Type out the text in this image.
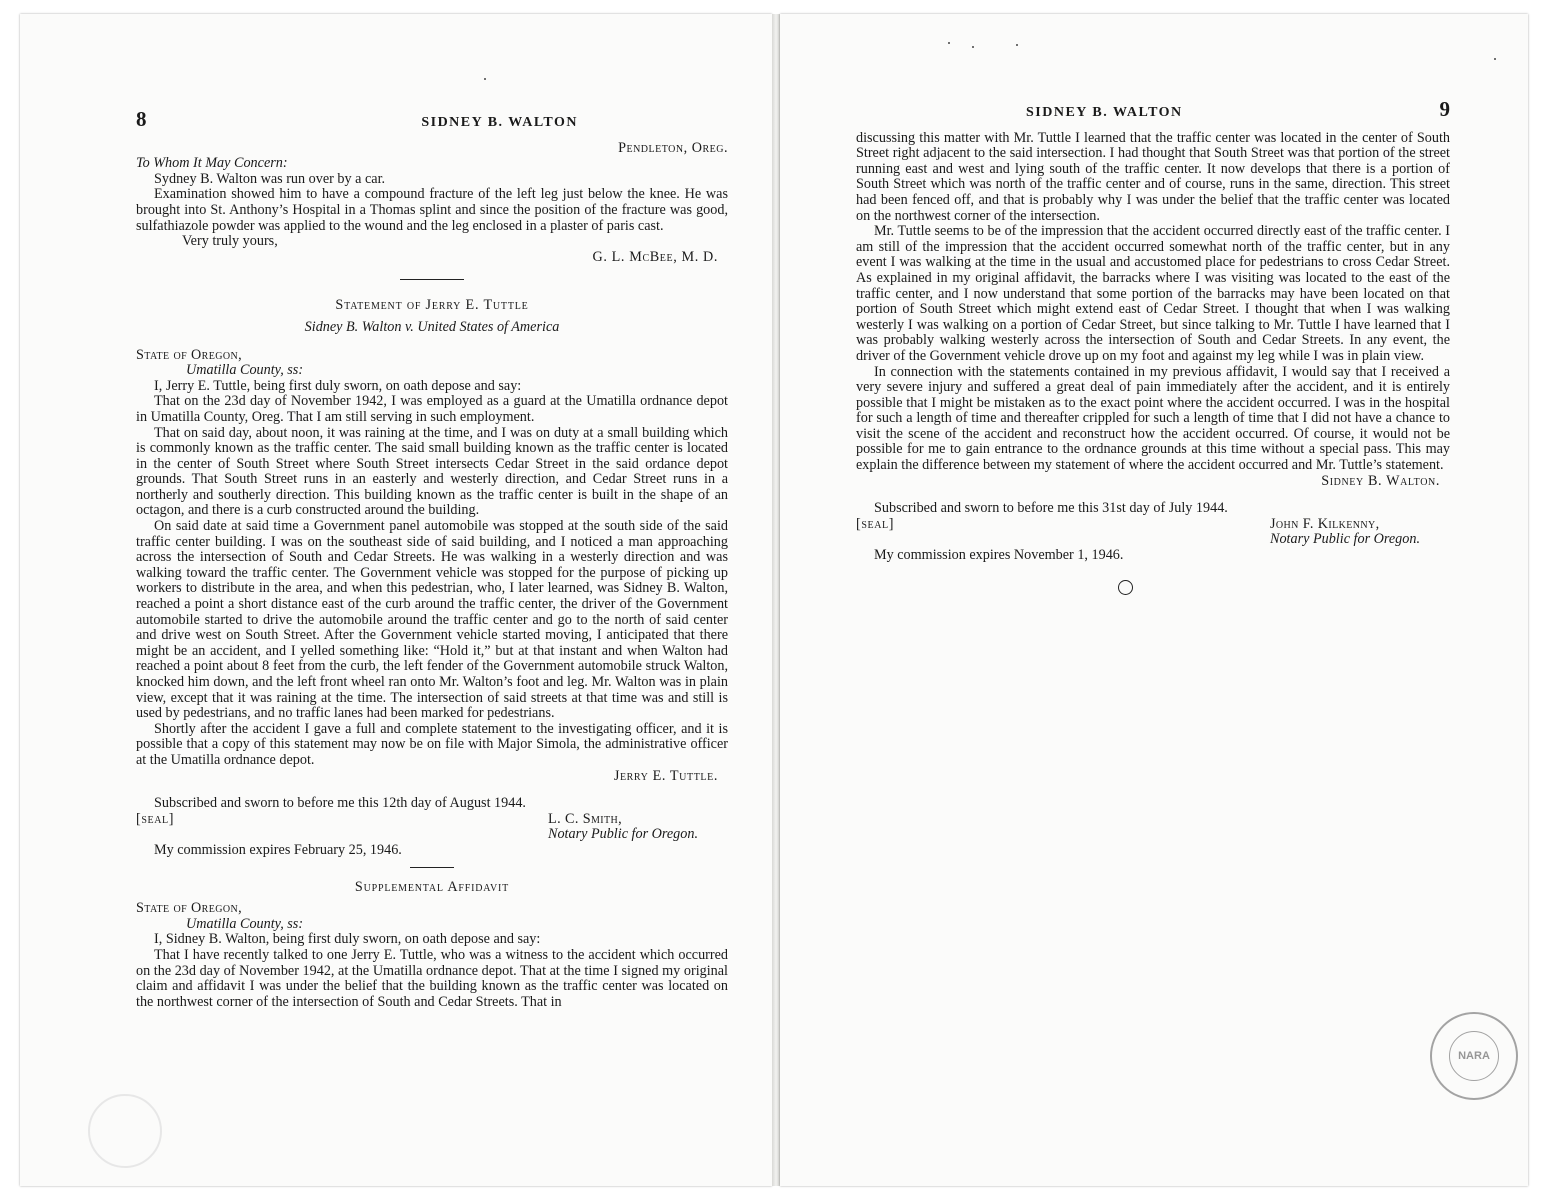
8	SIDNEY B. WALTON

Pendleton, Oreg.

To Whom It May Concern:

Sydney B. Walton was run over by a car.

Examination showed him to have a compound fracture of the left leg just below the knee. He was brought into St. Anthony’s Hospital in a Thomas splint and since the position of the fracture was good, sulfathiazole powder was applied to the wound and the leg enclosed in a plaster of paris cast.

Very truly yours,

G. L. McBee, M. D.

Statement of Jerry E. Tuttle

Sidney B. Walton v. United States of America

State of Oregon,

Umatilla County, ss:

I, Jerry E. Tuttle, being first duly sworn, on oath depose and say:

That on the 23d day of November 1942, I was employed as a guard at the Umatilla ordnance depot in Umatilla County, Oreg. That I am still serving in such employment.

That on said day, about noon, it was raining at the time, and I was on duty at a small building which is commonly known as the traffic center. The said small building known as the traffic center is located in the center of South Street where South Street intersects Cedar Street in the said ordance depot grounds. That South Street runs in an easterly and westerly direction, and Cedar Street runs in a northerly and southerly direction. This building known as the traffic center is built in the shape of an octagon, and there is a curb constructed around the building.

On said date at said time a Government panel automobile was stopped at the south side of the said traffic center building. I was on the southeast side of said building, and I noticed a man approaching across the intersection of South and Cedar Streets. He was walking in a westerly direction and was walking toward the traffic center. The Government vehicle was stopped for the purpose of picking up workers to distribute in the area, and when this pedestrian, who, I later learned, was Sidney B. Walton, reached a point a short distance east of the curb around the traffic center, the driver of the Government automobile started to drive the automobile around the traffic center and go to the north of said center and drive west on South Street. After the Government vehicle started moving, I anticipated that there might be an accident, and I yelled something like: “Hold it,” but at that instant and when Walton had reached a point about 8 feet from the curb, the left fender of the Government automobile struck Walton, knocked him down, and the left front wheel ran onto Mr. Walton’s foot and leg. Mr. Walton was in plain view, except that it was raining at the time. The intersection of said streets at that time was and still is used by pedestrians, and no traffic lanes had been marked for pedestrians.

Shortly after the accident I gave a full and complete statement to the investigating officer, and it is possible that a copy of this statement may now be on file with Major Simola, the administrative officer at the Umatilla ordnance depot.

Jerry E. Tuttle.

Subscribed and sworn to before me this 12th day of August 1944.

[seal]	L. C. Smith,
Notary Public for Oregon.

My commission expires February 25, 1946.

Supplemental Affidavit

State of Oregon,

Umatilla County, ss:

I, Sidney B. Walton, being first duly sworn, on oath depose and say:

That I have recently talked to one Jerry E. Tuttle, who was a witness to the accident which occurred on the 23d day of November 1942, at the Umatilla ordnance depot. That at the time I signed my original claim and affidavit I was under the belief that the building known as the traffic center was located on the northwest corner of the intersection of South and Cedar Streets. That in

SIDNEY B. WALTON	9

discussing this matter with Mr. Tuttle I learned that the traffic center was located in the center of South Street right adjacent to the said intersection. I had thought that South Street was that portion of the street running east and west and lying south of the traffic center. It now develops that there is a portion of South Street which was north of the traffic center and of course, runs in the same, direction. This street had been fenced off, and that is probably why I was under the belief that the traffic center was located on the northwest corner of the intersection.

Mr. Tuttle seems to be of the impression that the accident occurred directly east of the traffic center. I am still of the impression that the accident occurred somewhat north of the traffic center, but in any event I was walking at the time in the usual and accustomed place for pedestrians to cross Cedar Street. As explained in my original affidavit, the barracks where I was visiting was located to the east of the traffic center, and I now understand that some portion of the barracks may have been located on that portion of South Street which might extend east of Cedar Street. I thought that when I was walking westerly I was walking on a portion of Cedar Street, but since talking to Mr. Tuttle I have learned that I was probably walking westerly across the intersection of South and Cedar Streets. In any event, the driver of the Government vehicle drove up on my foot and against my leg while I was in plain view.

In connection with the statements contained in my previous affidavit, I would say that I received a very severe injury and suffered a great deal of pain immediately after the accident, and it is entirely possible that I might be mistaken as to the exact point where the accident occurred. I was in the hospital for such a length of time and thereafter crippled for such a length of time that I did not have a chance to visit the scene of the accident and reconstruct how the accident occurred. Of course, it would not be possible for me to gain entrance to the ordnance grounds at this time without a special pass. This may explain the difference between my statement of where the accident occurred and Mr. Tuttle’s statement.

Sidney B. Walton.

Subscribed and sworn to before me this 31st day of July 1944.

[seal]	John F. Kilkenny,
Notary Public for Oregon.

My commission expires November 1, 1946.

NARA
